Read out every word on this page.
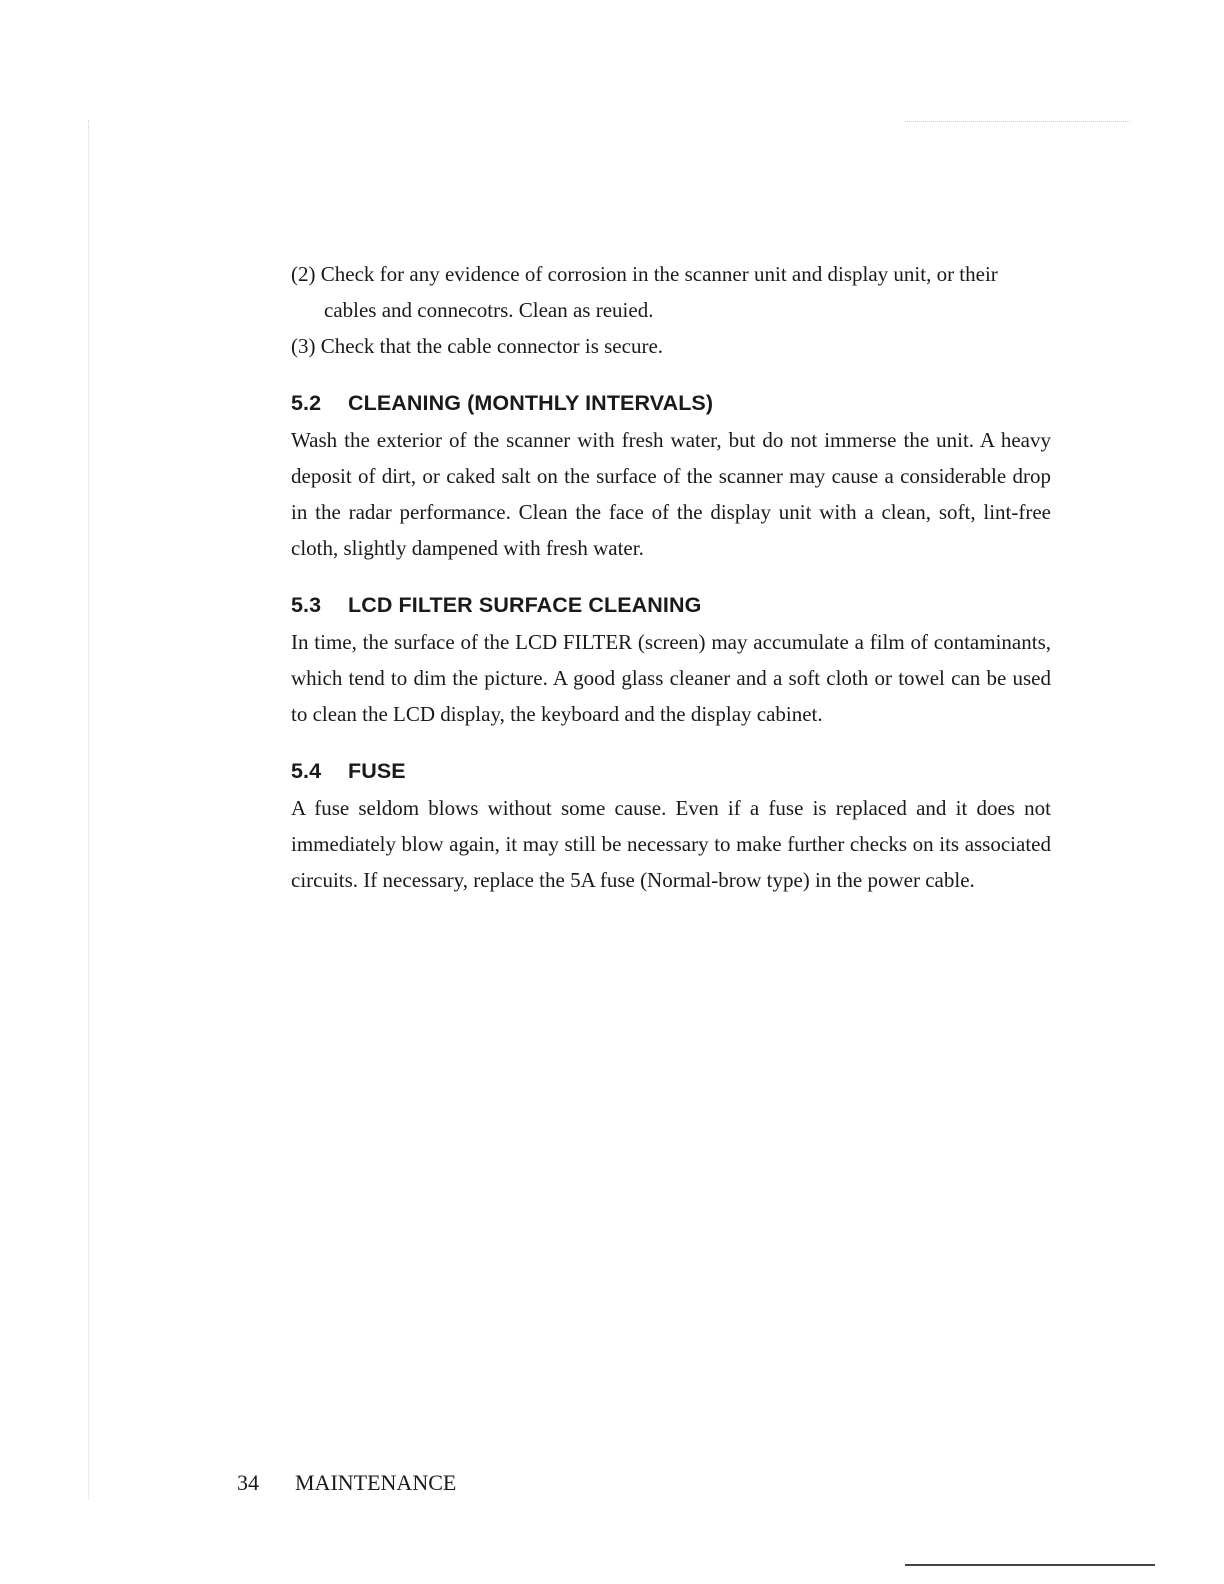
(2) Check for any evidence of corrosion in the scanner unit and display unit, or their cables and connecotrs. Clean as reuied.

(3) Check that the cable connector is secure.

5.2 CLEANING (MONTHLY INTERVALS)

Wash the exterior of the scanner with fresh water, but do not immerse the unit. A heavy deposit of dirt, or caked salt on the surface of the scanner may cause a considerable drop in the radar performance. Clean the face of the display unit with a clean, soft, lint-free cloth, slightly dampened with fresh water.

5.3 LCD FILTER SURFACE CLEANING

In time, the surface of the LCD FILTER (screen) may accumulate a film of contaminants, which tend to dim the picture. A good glass cleaner and a soft cloth or towel can be used to clean the LCD display, the keyboard and the display cabinet.

5.4 FUSE

A fuse seldom blows without some cause. Even if a fuse is replaced and it does not immediately blow again, it may still be necessary to make further checks on its associated circuits. If necessary, replace the 5A fuse (Normal-brow type) in the power cable.

34 MAINTENANCE
